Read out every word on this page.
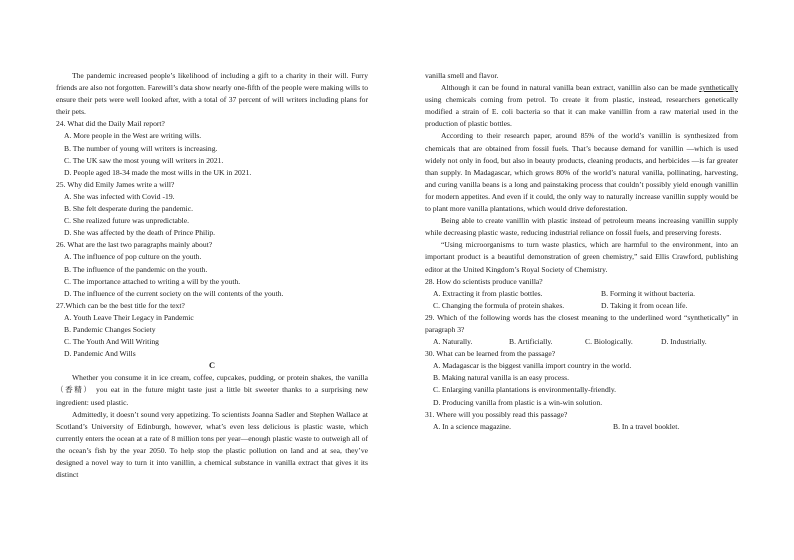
The pandemic increased people’s likelihood of including a gift to a charity in their will. Furry friends are also not forgotten. Farewill’s data show nearly one-fifth of the people were making wills to ensure their pets were well looked after, with a total of 37 percent of will writers including plans for their pets.

24. What did the Daily Mail report?

A. More people in the West are writing wills.

B. The number of young will writers is increasing.

C. The UK saw the most young will writers in 2021.

D. People aged 18-34 made the most wills in the UK in 2021.

25. Why did Emily James write a will?

A. She was infected with Covid -19.

B. She felt desperate during the pandemic.

C. She realized future was unpredictable.

D. She was affected by the death of Prince Philip.

26. What are the last two paragraphs mainly about?

A. The influence of pop culture on the youth.

B. The influence of the pandemic on the youth.

C. The importance attached to writing a will by the youth.

D. The influence of the current society on the will contents of the youth.

27.Which can be the best title for the text?

A. Youth Leave Their Legacy in Pandemic

B. Pandemic Changes Society

C. The Youth And Will Writing

D. Pandemic And Wills

C

Whether you consume it in ice cream, coffee, cupcakes, pudding, or protein shakes, the vanilla （香精） you eat in the future might taste just a little bit sweeter thanks to a surprising new ingredient: used plastic.

Admittedly, it doesn’t sound very appetizing. To scientists Joanna Sadler and Stephen Wallace at Scotland’s University of Edinburgh, however, what’s even less delicious is plastic waste, which currently enters the ocean at a rate of 8 million tons per year—enough plastic waste to outweigh all of the ocean’s fish by the year 2050. To help stop the plastic pollution on land and at sea, they’ve designed a novel way to turn it into vanillin, a chemical substance in vanilla extract that gives it its distinct

vanilla smell and flavor.

Although it can be found in natural vanilla bean extract, vanillin also can be made synthetically using chemicals coming from petrol. To create it from plastic, instead, researchers genetically modified a strain of E. coli bacteria so that it can make vanillin from a raw material used in the production of plastic bottles.

According to their research paper, around 85% of the world’s vanillin is synthesized from chemicals that are obtained from fossil fuels. That’s because demand for vanillin —which is used widely not only in food, but also in beauty products, cleaning products, and herbicides —is far greater than supply. In Madagascar, which grows 80% of the world’s natural vanilla, pollinating, harvesting, and curing vanilla beans is a long and painstaking process that couldn’t possibly yield enough vanillin for modern appetites. And even if it could, the only way to naturally increase vanillin supply would be to plant more vanilla plantations, which would drive deforestation.

Being able to create vanillin with plastic instead of petroleum means increasing vanillin supply while decreasing plastic waste, reducing industrial reliance on fossil fuels, and preserving forests.

“Using microorganisms to turn waste plastics, which are harmful to the environment, into an important product is a beautiful demonstration of green chemistry,” said Ellis Crawford, publishing editor at the United Kingdom’s Royal Society of Chemistry.

28. How do scientists produce vanilla?

A. Extracting it from plastic bottles.	B. Forming it without bacteria.

C. Changing the formula of protein shakes.	D. Taking it from ocean life.

29. Which of the following words has the closest meaning to the underlined word “synthetically” in paragraph 3?

A. Naturally.	B. Artificially.	C. Biologically.	D. Industrially.

30. What can be learned from the passage?

A. Madagascar is the biggest vanilla import country in the world.

B. Making natural vanilla is an easy process.

C. Enlarging vanilla plantations is environmentally-friendly.

D. Producing vanilla from plastic is a win-win solution.

31. Where will you possibly read this passage?

A. In a science magazine.	B. In a travel booklet.
